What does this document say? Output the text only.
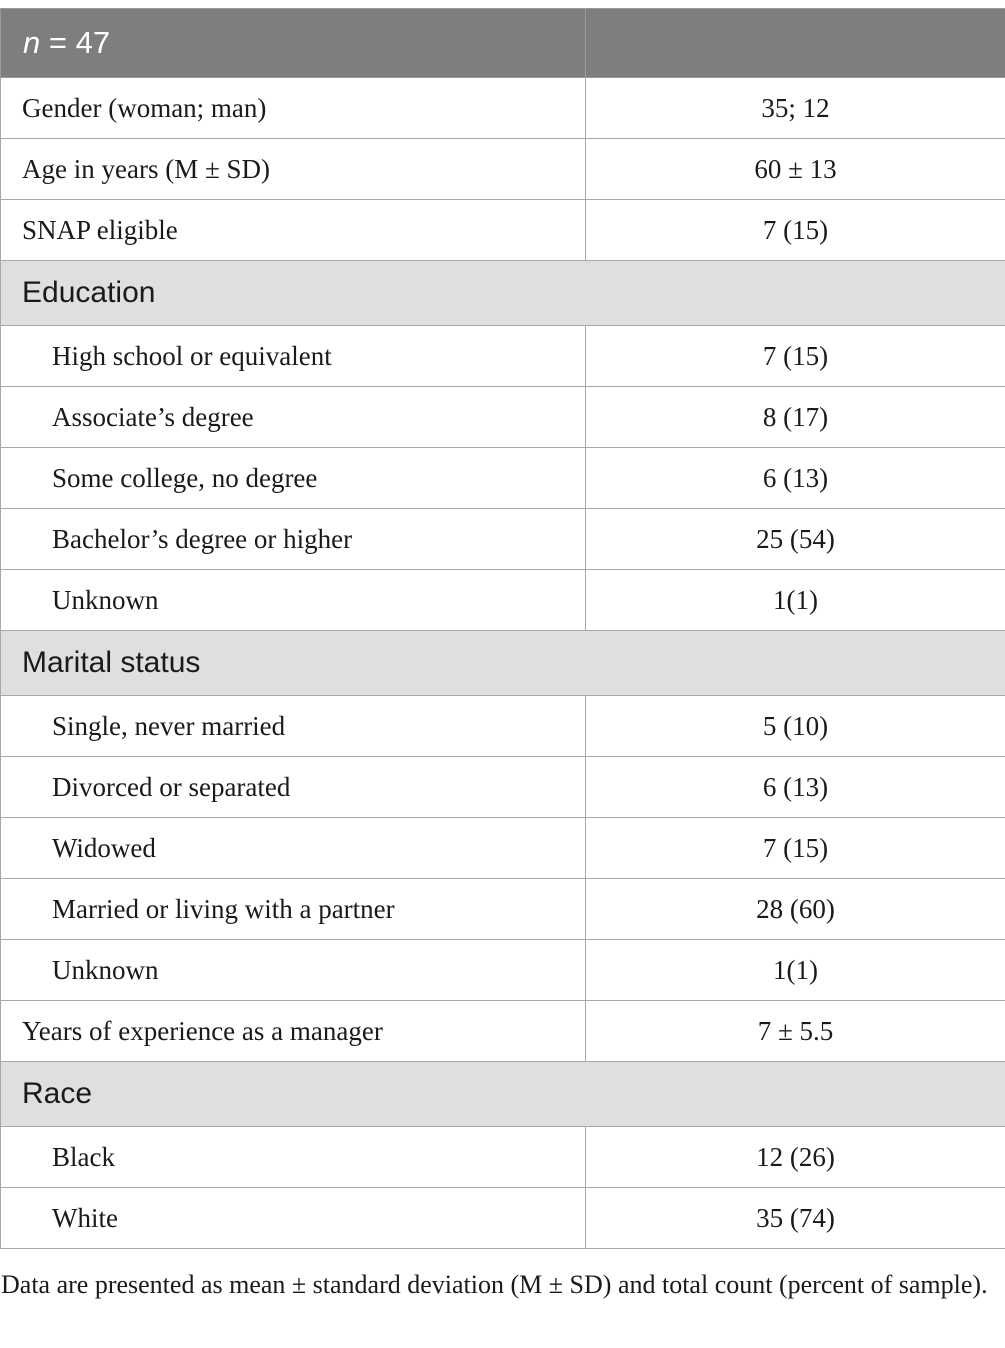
n = 47	
Gender (woman; man)	35; 12
Age in years (M ± SD)	60 ± 13
SNAP eligible	7 (15)
Education	
High school or equivalent	7 (15)
Associate’s degree	8 (17)
Some college, no degree	6 (13)
Bachelor’s degree or higher	25 (54)
Unknown	1(1)
Marital status	
Single, never married	5 (10)
Divorced or separated	6 (13)
Widowed	7 (15)
Married or living with a partner	28 (60)
Unknown	1(1)
Years of experience as a manager	7 ± 5.5
Race	
Black	12 (26)
White	35 (74)

Data are presented as mean ± standard deviation (M ± SD) and total count (percent of sample).
